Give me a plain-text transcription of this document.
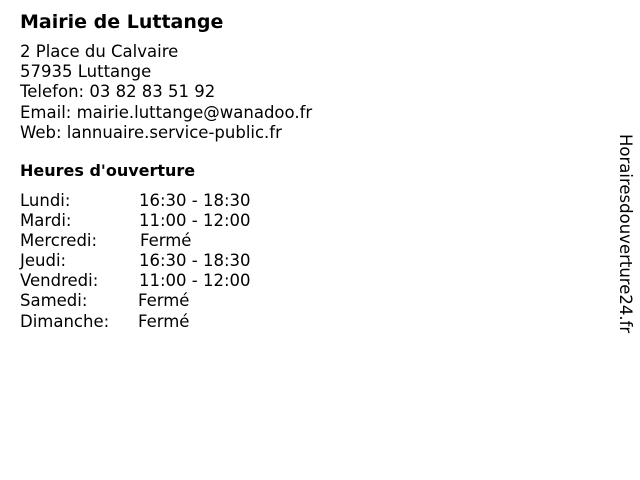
Mairie de Luttange
2 Place du Calvaire
57935 Luttange
Telefon: 03 82 83 51 92
Email: mairie.luttange@wanadoo.fr
Web: lannuaire.service-public.fr
Heures d'ouverture
Lundi:	16:30 - 18:30
Mardi:	11:00 - 12:00
Mercredi:	Fermé
Jeudi:	16:30 - 18:30
Vendredi: 11:00 - 12:00
Samedi:	Fermé
Dimanche: Fermé	Horairesdouverture24.fr
